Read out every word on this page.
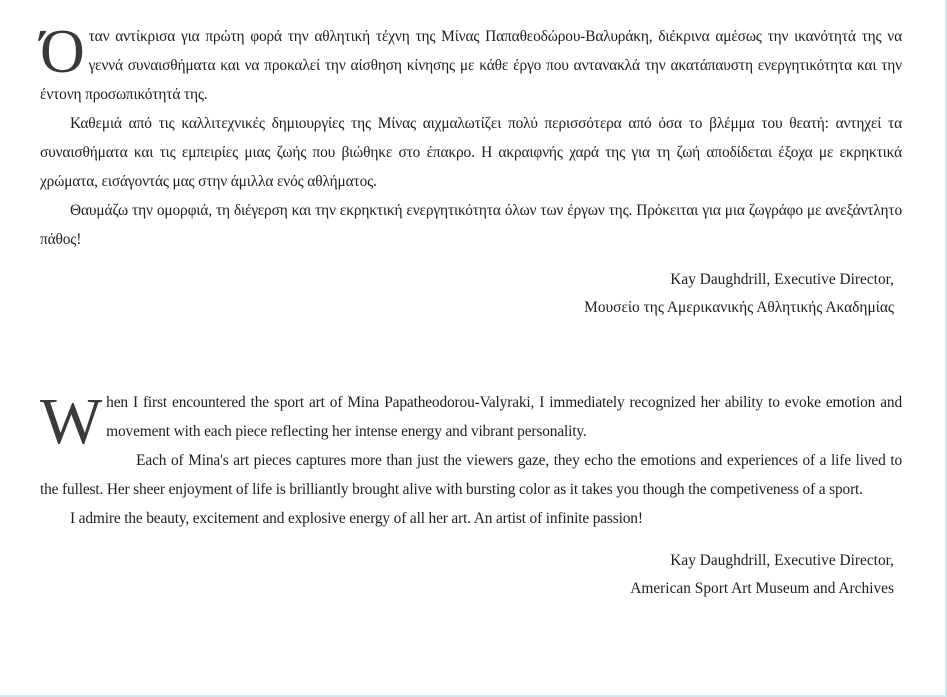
Όταν αντίκρισα για πρώτη φορά την αθλητική τέχνη της Μίνας Παπαθεοδώρου-Βαλυράκη, διέκρινα αμέσως την ικανότητά της να γεννά συναισθήματα και να προκαλεί την αίσθηση κίνησης με κάθε έργο που αντανακλά την ακατάπαυστη ενεργητικότητα και την έντονη προσωπικότητά της.

Καθεμιά από τις καλλιτεχνικές δημιουργίες της Μίνας αιχμαλωτίζει πολύ περισσότερα από όσα το βλέμμα του θεατή: αντηχεί τα συναισθήματα και τις εμπειρίες μιας ζωής που βιώθηκε στο έπακρο. Η ακραιφνής χαρά της για τη ζωή αποδίδεται έξοχα με εκρηκτικά χρώματα, εισάγοντάς μας στην άμιλλα ενός αθλήματος.

Θαυμάζω την ομορφιά, τη διέγερση και την εκρηκτική ενεργητικότητα όλων των έργων της. Πρόκειται για μια ζωγράφο με ανεξάντλητο πάθος!

Kay Daughdrill, Executive Director,
Μουσείο της Αμερικανικής Αθλητικής Ακαδημίας

When I first encountered the sport art of Mina Papatheodorou-Valyraki, I immediately recognized her ability to evoke emotion and movement with each piece reflecting her intense energy and vibrant personality.

Each of Mina's art pieces captures more than just the viewers gaze, they echo the emotions and experiences of a life lived to the fullest. Her sheer enjoyment of life is brilliantly brought alive with bursting color as it takes you though the competiveness of a sport.

I admire the beauty, excitement and explosive energy of all her art. An artist of infinite passion!

Kay Daughdrill, Executive Director,
American Sport Art Museum and Archives
